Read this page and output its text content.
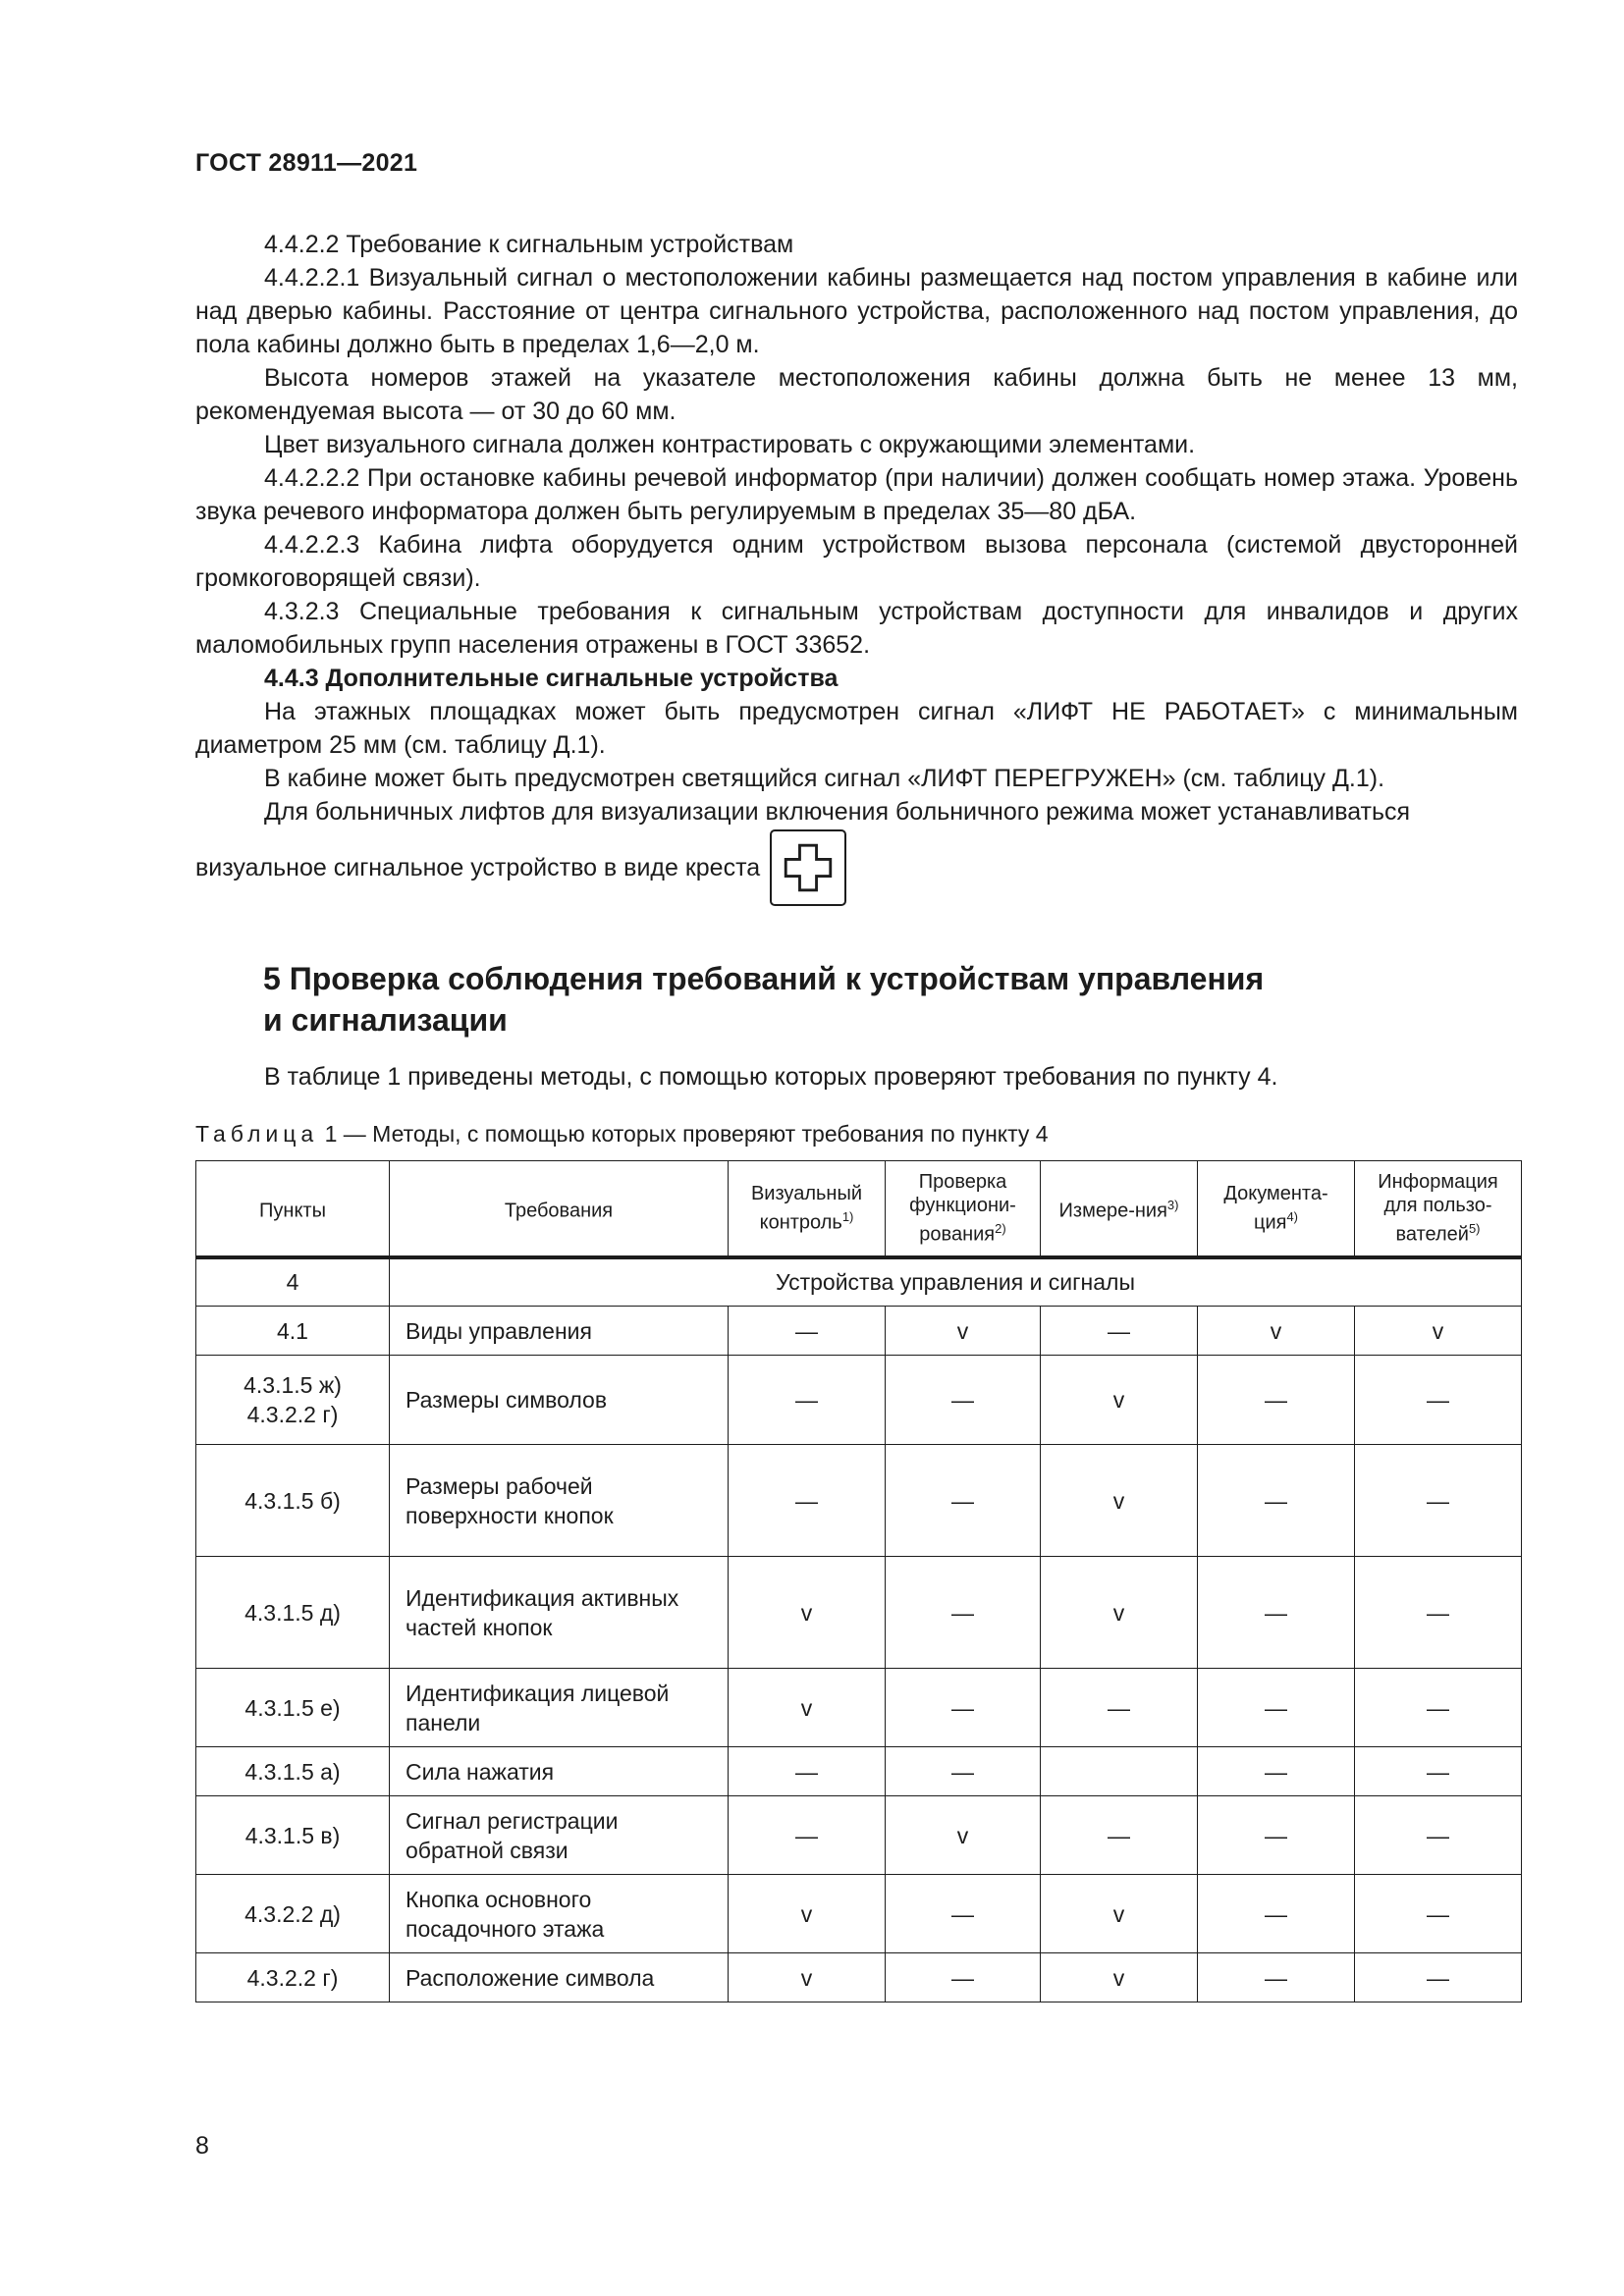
ГОСТ 28911—2021

4.4.2.2 Требование к сигнальным устройствам

4.4.2.2.1 Визуальный сигнал о местоположении кабины размещается над постом управления в кабине или над дверью кабины. Расстояние от центра сигнального устройства, расположенного над постом управления, до пола кабины должно быть в пределах 1,6—2,0 м.

Высота номеров этажей на указателе местоположения кабины должна быть не менее 13 мм, рекомендуемая высота — от 30 до 60 мм.

Цвет визуального сигнала должен контрастировать с окружающими элементами.

4.4.2.2.2 При остановке кабины речевой информатор (при наличии) должен сообщать номер этажа. Уровень звука речевого информатора должен быть регулируемым в пределах 35—80 дБА.

4.4.2.2.3 Кабина лифта оборудуется одним устройством вызова персонала (системой двусторонней громкоговорящей связи).

4.3.2.3 Специальные требования к сигнальным устройствам доступности для инвалидов и других маломобильных групп населения отражены в ГОСТ 33652.

4.4.3 Дополнительные сигнальные устройства

На этажных площадках может быть предусмотрен сигнал «ЛИФТ НЕ РАБОТАЕТ» с минимальным диаметром 25 мм (см. таблицу Д.1).

В кабине может быть предусмотрен светящийся сигнал «ЛИФТ ПЕРЕГРУЖЕН» (см. таблицу Д.1).

Для больничных лифтов для визуализации включения больничного режима может устанавливаться

визуальное сигнальное устройство в виде креста
5 Проверка соблюдения требований к устройствам управления
и сигнализации
В таблице 1 приведены методы, с помощью которых проверяют требования по пункту 4.
Таблица 1 — Методы, с помощью которых проверяют требования по пункту 4
Пункты	Требования	Визуальный контроль$^{1)}$	Проверка функциони-рования$^{2)}$	Измере-ния$^{3)}$	Документа-ция$^{4)}$	Информация для пользо-вателей$^{5)}$
4	Устройства управления и сигналы					
4.1	Виды управления	—	v	—	v	v
4.3.1.5 ж)
4.3.2.2 г)	Размеры символов	—	—	v	—	—
4.3.1.5 б)	Размеры рабочей поверхности кнопок	—	—	v	—	—
4.3.1.5 д)	Идентификация активных частей кнопок	v	—	v	—	—
4.3.1.5 е)	Идентификация лицевой панели	v	—	—	—	—
4.3.1.5 а)	Сила нажатия	—	—		—	—
4.3.1.5 в)	Сигнал регистрации обратной связи	—	v	—	—	—
4.3.2.2 д)	Кнопка основного посадочного этажа	v	—	v	—	—
4.3.2.2 г)	Расположение символа	v	—	v	—	—
8
